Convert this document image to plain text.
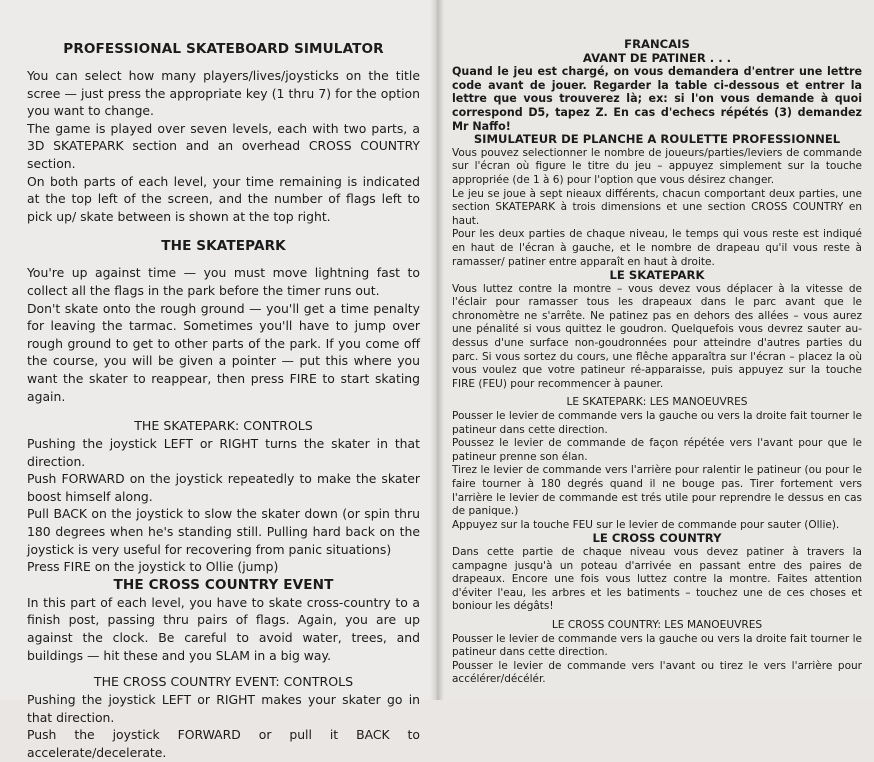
PROFESSIONAL SKATEBOARD SIMULATOR

You can select how many players/lives/joysticks on the title scree — just press the appropriate key (1 thru 7) for the option you want to change.

The game is played over seven levels, each with two parts, a 3D SKATEPARK section and an overhead CROSS COUNTRY section.

On both parts of each level, your time remaining is indicated at the top left of the screen, and the number of flags left to pick up/ skate between is shown at the top right.

THE SKATEPARK

You're up against time — you must move lightning fast to collect all the flags in the park before the timer runs out.

Don't skate onto the rough ground — you'll get a time penalty for leaving the tarmac. Sometimes you'll have to jump over rough ground to get to other parts of the park. If you come off the course, you will be given a pointer — put this where you want the skater to reappear, then press FIRE to start skating again.

THE SKATEPARK: CONTROLS

Pushing the joystick LEFT or RIGHT turns the skater in that direction.

Push FORWARD on the joystick repeatedly to make the skater boost himself along.

Pull BACK on the joystick to slow the skater down (or spin thru 180 degrees when he's standing still. Pulling hard back on the joystick is very useful for recovering from panic situations)

Press FIRE on the joystick to Ollie (jump)

THE CROSS COUNTRY EVENT

In this part of each level, you have to skate cross-country to a finish post, passing thru pairs of flags. Again, you are up against the clock. Be careful to avoid water, trees, and buildings — hit these and you SLAM in a big way.

THE CROSS COUNTRY EVENT: CONTROLS

Pushing the joystick LEFT or RIGHT makes your skater go in that direction.

Push the joystick FORWARD or pull it BACK to accelerate/decelerate.

FRANCAIS
AVANT DE PATINER . . .

Quand le jeu est chargé, on vous demandera d'entrer une lettre code avant de jouer. Regarder la table ci-dessous et entrer la lettre que vous trouverez là; ex: si l'on vous demande à quoi correspond D5, tapez Z. En cas d'echecs répétés (3) demandez Mr Naffo!

SIMULATEUR DE PLANCHE A ROULETTE PROFESSIONNEL

Vous pouvez selectionner le nombre de joueurs/parties/leviers de commande sur l'écran où figure le titre du jeu – appuyez simplement sur la touche appropriée (de 1 à 6) pour l'option que vous désirez changer.

Le jeu se joue à sept nieaux différents, chacun comportant deux parties, une section SKATEPARK à trois dimensions et une section CROSS COUNTRY en haut.

Pour les deux parties de chaque niveau, le temps qui vous reste est indiqué en haut de l'écran à gauche, et le nombre de drapeau qu'il vous reste à ramasser/ patiner entre apparaît en haut à droite.

LE SKATEPARK

Vous luttez contre la montre – vous devez vous déplacer à la vitesse de l'éclair pour ramasser tous les drapeaux dans le parc avant que le chronomètre ne s'arrête. Ne patinez pas en dehors des allées – vous aurez une pénalité si vous quittez le goudron. Quelquefois vous devrez sauter au-dessus d'une surface non-goudronnées pour atteindre d'autres parties du parc. Si vous sortez du cours, une flêche apparaîtra sur l'écran – placez la où vous voulez que votre patineur ré-apparaisse, puis appuyez sur la touche FIRE (FEU) pour recommencer à pauner.

LE SKATEPARK: LES MANOEUVRES

Pousser le levier de commande vers la gauche ou vers la droite fait tourner le patineur dans cette direction.

Poussez le levier de commande de façon répétée vers l'avant pour que le patineur prenne son élan.

Tirez le levier de commande vers l'arrière pour ralentir le patineur (ou pour le faire tourner à 180 degrés quand il ne bouge pas. Tirer fortement vers l'arrière le levier de commande est trés utile pour reprendre le dessus en cas de panique.)

Appuyez sur la touche FEU sur le levier de commande pour sauter (Ollie).

LE CROSS COUNTRY

Dans cette partie de chaque niveau vous devez patiner à travers la campagne jusqu'à un poteau d'arrivée en passant entre des paires de drapeaux. Encore une fois vous luttez contre la montre. Faites attention d'éviter l'eau, les arbres et les batiments – touchez une de ces choses et boniour les dégâts!

LE CROSS COUNTRY: LES MANOEUVRES

Pousser le levier de commande vers la gauche ou vers la droite fait tourner le patineur dans cette direction.

Pousser le levier de commande vers l'avant ou tirez le vers l'arrière pour accélérer/décélér.
